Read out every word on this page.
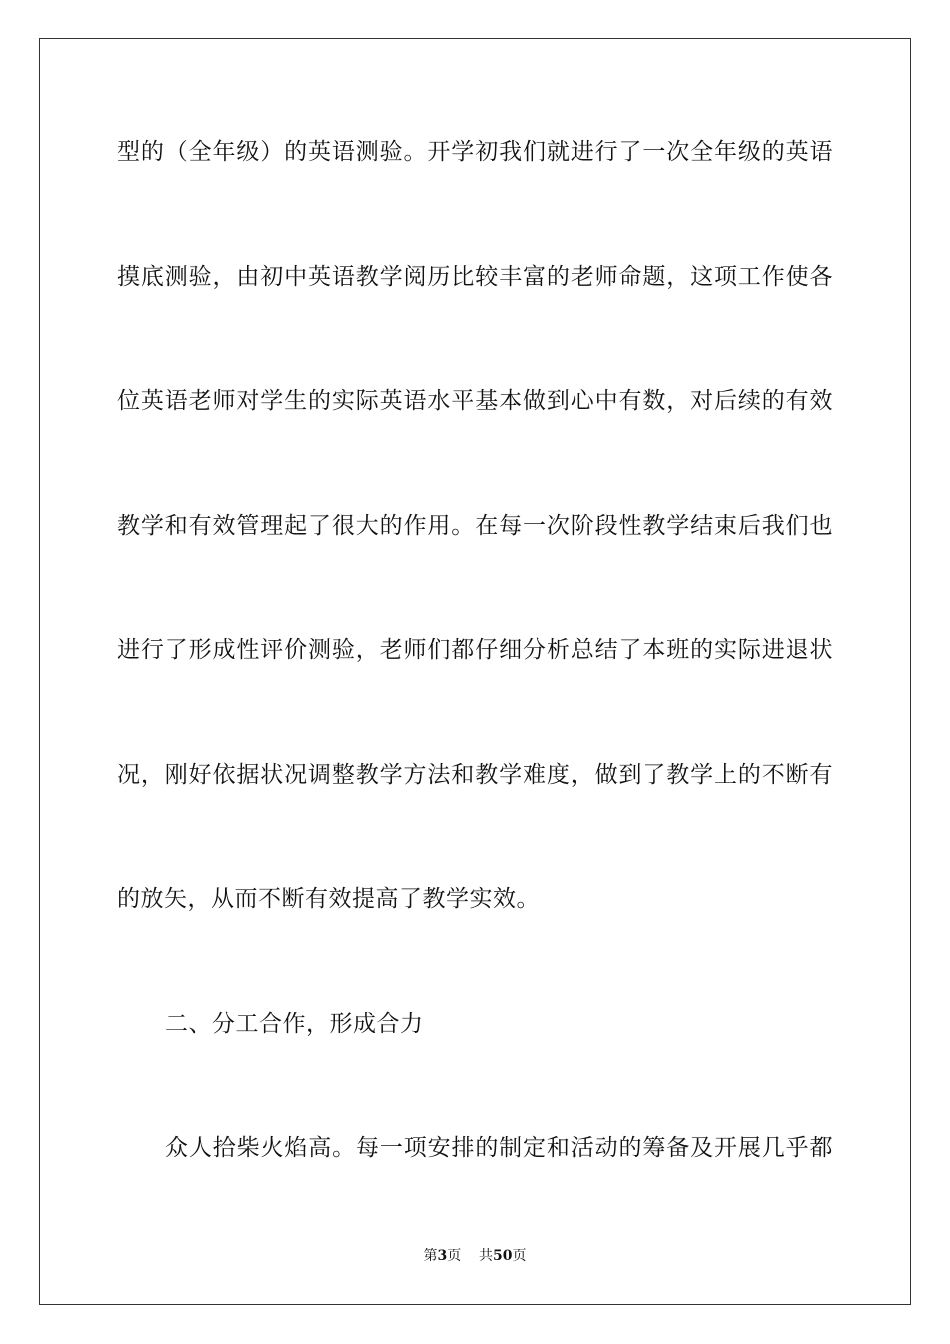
型的（全年级）的英语测验。开学初我们就进行了一次全年级的英语
摸底测验，由初中英语教学阅历比较丰富的老师命题，这项工作使各
位英语老师对学生的实际英语水平基本做到心中有数，对后续的有效
教学和有效管理起了很大的作用。在每一次阶段性教学结束后我们也
进行了形成性评价测验，老师们都仔细分析总结了本班的实际进退状
况，刚好依据状况调整教学方法和教学难度，做到了教学上的不断有
的放矢，从而不断有效提高了教学实效。
二、分工合作，形成合力
众人拾柴火焰高。每一项安排的制定和活动的筹备及开展几乎都
第3页 共50页
